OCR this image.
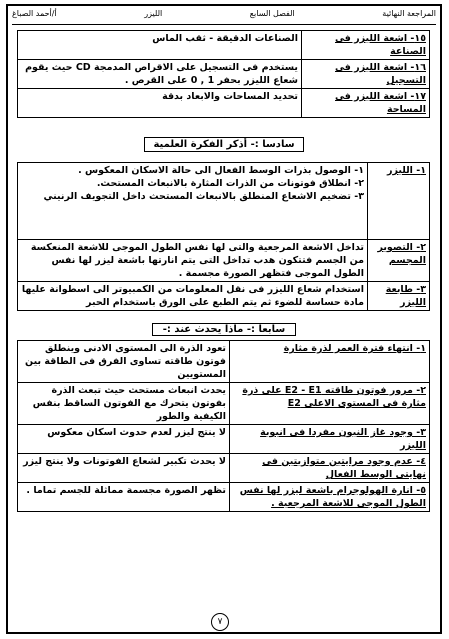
أ/أحمد الصباغ	الليزر	الفصل السابع	المراجعة النهائية
١٥- اشعة الليزر فى الصناعة	الصناعات الدقيقة - ثقب الماس
١٦- اشعة الليزر فى التسجيل	يستخدم فى التسجيل على الاقراص المدمجة CD حيث يقوم شعاع الليزر بحفر 1 , 0 على القرص .
١٧- اشعة الليزر فى المساحة	تحديد المساحات والابعاد بدقة
سادسا :- أذكر الفكرة العلمية
١- الليزر	١- الوصول بذرات الوسط الفعال الى حالة الاسكان المعكوس .
٢- انطلاق فوتونات من الذرات المثارة بالانبعاث المستحث.
٣- تضخيم الاشعاع المنطلق بالانبعاث المستحث داخل التجويف الرنيني

٢- التصوير المجسم	تداخل الاشعة المرجعية والتى لها نفس الطول الموجى للاشعة المنعكسة من الجسم فتتكون هدب تداخل التى يتم انارتها باشعة ليزر لها نفس الطول الموجى فتظهر الصورة مجسمة .
٣- طابعة الليزر	استخدام شعاع الليزر فى نقل المعلومات من الكمبيوتر الى اسطوانة عليها مادة حساسة للضوء ثم يتم الطبع على الورق باستخدام الحبر
سابعا :- ماذا يحدث عند :-
١- انتهاء فترة العمر لذرة مثارة	تعود الذرة الى المستوى الادنى وينطلق فوتون طاقته تساوى الفرق فى الطاقة بين المستويين
٢- مرور فوتون طاقته E2 - E1 على ذرة مثارة فى المستوى الاعلى E2	يحدث انبعاث مستحث حيث تبعث الذرة بفوتون يتحرك مع الفوتون الساقط بنفس الكيفية والطور
٣- وجود غاز النيون مفردا فى انبوبة الليزر	لا ينتج ليزر لعدم حدوث اسكان معكوس
٤- عدم وجود مرايتين متوازيتين فى نهايتى الوسط الفعال	لا يحدث تكبير لشعاع الفوتونات ولا ينتج ليزر
٥- انارة الهولوجرام باشعة ليزر لها نفس الطول الموجى للاشعة المرجعية .	تظهر الصورة مجسمة مماثلة للجسم تماما .
٧
